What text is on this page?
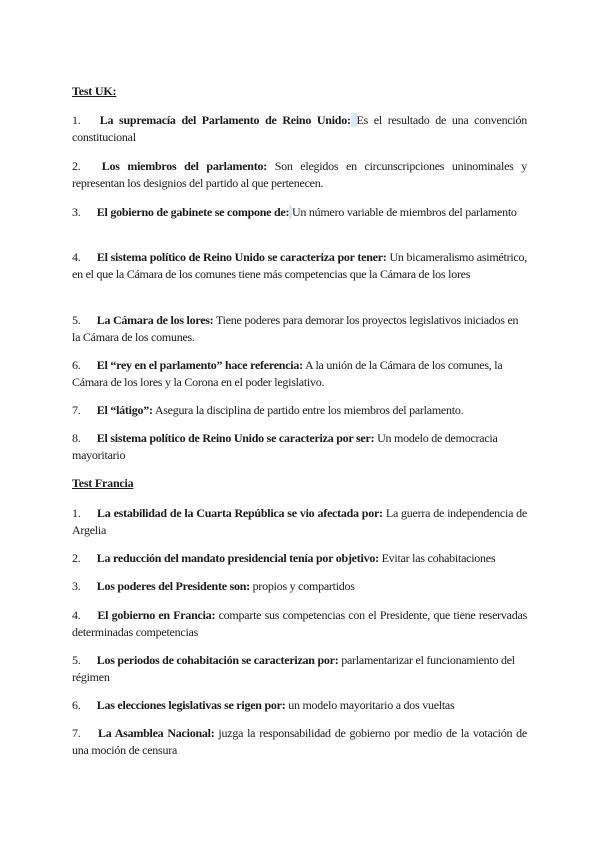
Test UK:
1. La supremacía del Parlamento de Reino Unido: Es el resultado de una convención constitucional
2. Los miembros del parlamento: Son elegidos en circunscripciones uninominales y representan los designios del partido al que pertenecen.
3. El gobierno de gabinete se compone de: Un número variable de miembros del parlamento
4. El sistema político de Reino Unido se caracteriza por tener: Un bicameralismo asimétrico, en el que la Cámara de los comunes tiene más competencias que la Cámara de los lores
5. La Cámara de los lores: Tiene poderes para demorar los proyectos legislativos iniciados en la Cámara de los comunes.
6. El “rey en el parlamento” hace referencia: A la unión de la Cámara de los comunes, la Cámara de los lores y la Corona en el poder legislativo.
7. El “látigo”: Asegura la disciplina de partido entre los miembros del parlamento.
8. El sistema político de Reino Unido se caracteriza por ser: Un modelo de democracia mayoritario
Test Francia
1. La estabilidad de la Cuarta República se vio afectada por: La guerra de independencia de Argelia
2. La reducción del mandato presidencial tenía por objetivo: Evitar las cohabitaciones
3. Los poderes del Presidente son: propios y compartidos
4. El gobierno en Francia: comparte sus competencias con el Presidente, que tiene reservadas determinadas competencias
5. Los periodos de cohabitación se caracterizan por: parlamentarizar el funcionamiento del régimen
6. Las elecciones legislativas se rigen por: un modelo mayoritario a dos vueltas
7. La Asamblea Nacional: juzga la responsabilidad de gobierno por medio de la votación de una moción de censura
